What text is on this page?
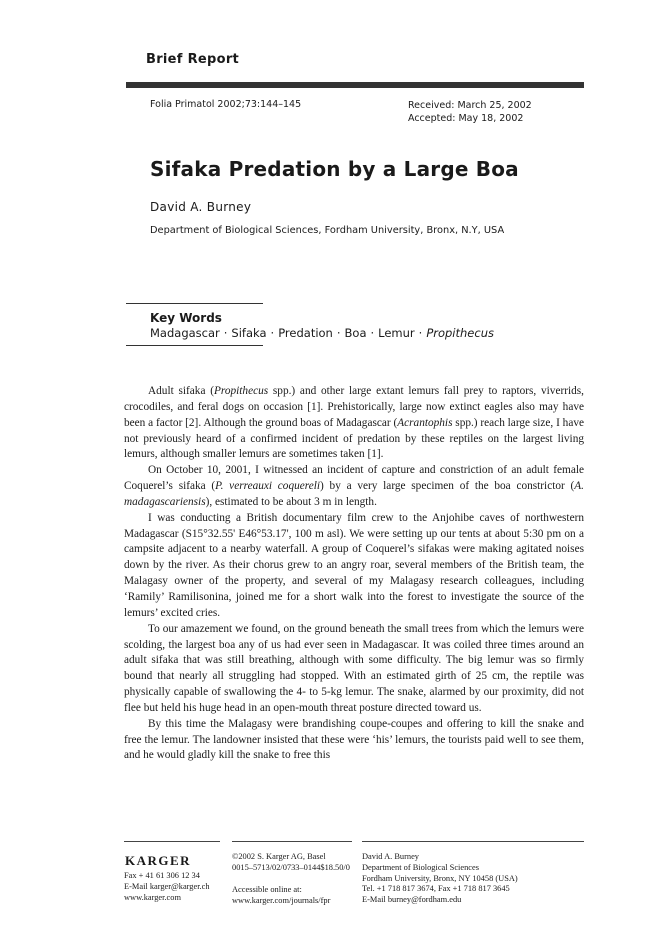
Brief Report
Folia Primatol 2002;73:144–145	Received: March 25, 2002
Accepted: May 18, 2002
Sifaka Predation by a Large Boa
David A. Burney
Department of Biological Sciences, Fordham University, Bronx, N.Y, USA
Key Words
Madagascar · Sifaka · Predation · Boa · Lemur · Propithecus

Adult sifaka (Propithecus spp.) and other large extant lemurs fall prey to raptors, viverrids, crocodiles, and feral dogs on occasion [1]. Prehistorically, large now extinct eagles also may have been a factor [2]. Although the ground boas of Madagascar (Acrantophis spp.) reach large size, I have not previously heard of a confirmed incident of predation by these reptiles on the largest living lemurs, although smaller lemurs are sometimes taken [1].

On October 10, 2001, I witnessed an incident of capture and constriction of an adult female Coquerel’s sifaka (P. verreauxi coquereli) by a very large specimen of the boa constrictor (A. madagascariensis), estimated to be about 3 m in length.

I was conducting a British documentary film crew to the Anjohibe caves of northwestern Madagascar (S15°32.55' E46°53.17', 100 m asl). We were setting up our tents at about 5:30 pm on a campsite adjacent to a nearby waterfall. A group of Coquerel’s sifakas were making agitated noises down by the river. As their chorus grew to an angry roar, several members of the British team, the Malagasy owner of the property, and several of my Malagasy research colleagues, including ‘Ramily’ Ramilisonina, joined me for a short walk into the forest to investigate the source of the lemurs’ excited cries.

To our amazement we found, on the ground beneath the small trees from which the lemurs were scolding, the largest boa any of us had ever seen in Madagascar. It was coiled three times around an adult sifaka that was still breathing, although with some difficulty. The big lemur was so firmly bound that nearly all struggling had stopped. With an estimated girth of 25 cm, the reptile was physically capable of swallowing the 4- to 5-kg lemur. The snake, alarmed by our proximity, did not flee but held his huge head in an open-mouth threat posture directed toward us.

By this time the Malagasy were brandishing coupe-coupes and offering to kill the snake and free the lemur. The landowner insisted that these were ‘his’ lemurs, the tourists paid well to see them, and he would gladly kill the snake to free this

KARGER
Fax + 41 61 306 12 34
E-Mail karger@karger.ch
www.karger.com
©2002 S. Karger AG, Basel
0015–5713/02/0733–0144$18.50/0
Accessible online at:
www.karger.com/journals/fpr
David A. Burney
Department of Biological Sciences
Fordham University, Bronx, NY 10458 (USA)
Tel. +1 718 817 3674, Fax +1 718 817 3645
E-Mail burney@fordham.edu
